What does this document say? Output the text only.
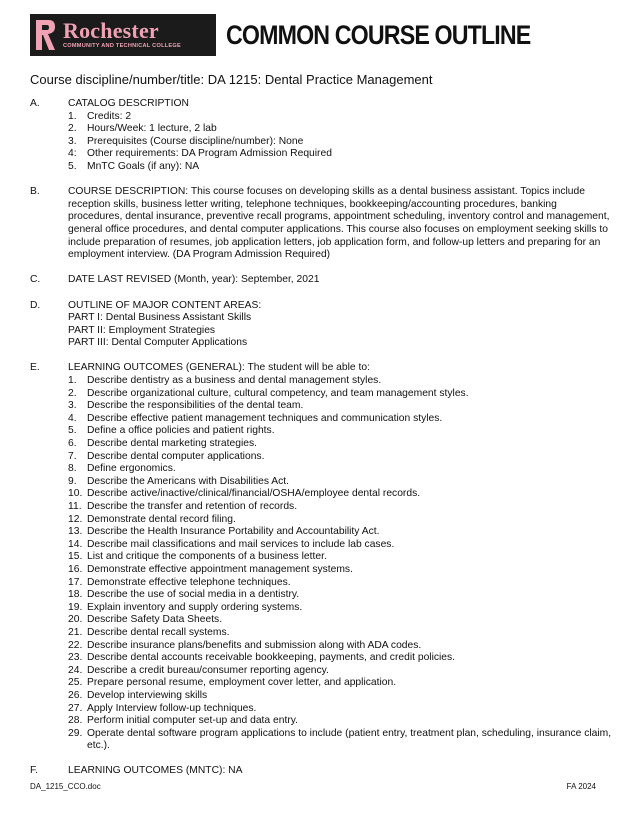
Rochester
COMMUNITY AND TECHNICAL COLLEGE	COMMON COURSE OUTLINE
Course discipline/number/title: DA 1215: Dental Practice Management
A.	CATALOG DESCRIPTION
1.	Credits: 2
2.	Hours/Week: 1 lecture, 2 lab
3.	Prerequisites (Course discipline/number): None
4:	Other requirements: DA Program Admission Required
5.	MnTC Goals (if any): NA
B.	COURSE DESCRIPTION: This course focuses on developing skills as a dental business assistant. Topics include reception skills, business letter writing, telephone techniques, bookkeeping/accounting procedures, banking procedures, dental insurance, preventive recall programs, appointment scheduling, inventory control and management, general office procedures, and dental computer applications. This course also focuses on employment seeking skills to include preparation of resumes, job application letters, job application form, and follow-up letters and preparing for an employment interview. (DA Program Admission Required)
C.	DATE LAST REVISED (Month, year): September, 2021
D.	OUTLINE OF MAJOR CONTENT AREAS:
PART I: Dental Business Assistant Skills
PART II: Employment Strategies
PART III: Dental Computer Applications
E.	LEARNING OUTCOMES (GENERAL): The student will be able to:
1.	Describe dentistry as a business and dental management styles.
2.	Describe organizational culture, cultural competency, and team management styles.
3.	Describe the responsibilities of the dental team.
4.	Describe effective patient management techniques and communication styles.
5.	Define a office policies and patient rights.
6.	Describe dental marketing strategies.
7.	Describe dental computer applications.
8.	Define ergonomics.
9.	Describe the Americans with Disabilities Act.
10. Describe active/inactive/clinical/financial/OSHA/employee dental records.
11. Describe the transfer and retention of records.
12. Demonstrate dental record filing.
13. Describe the Health Insurance Portability and Accountability Act.
14. Describe mail classifications and mail services to include lab cases.
15. List and critique the components of a business letter.
16. Demonstrate effective appointment management systems.
17. Demonstrate effective telephone techniques.
18. Describe the use of social media in a dentistry.
19. Explain inventory and supply ordering systems.
20. Describe Safety Data Sheets.
21. Describe dental recall systems.
22. Describe insurance plans/benefits and submission along with ADA codes.
23. Describe dental accounts receivable bookkeeping, payments, and credit policies.
24. Describe a credit bureau/consumer reporting agency.
25. Prepare personal resume, employment cover letter, and application.
26. Develop interviewing skills
27. Apply Interview follow-up techniques.
28. Perform initial computer set-up and data entry.
29. Operate dental software program applications to include (patient entry, treatment plan, scheduling, insurance claim, etc.).
F.	LEARNING OUTCOMES (MNTC): NA
DA_1215_CCO.doc	FA 2024
